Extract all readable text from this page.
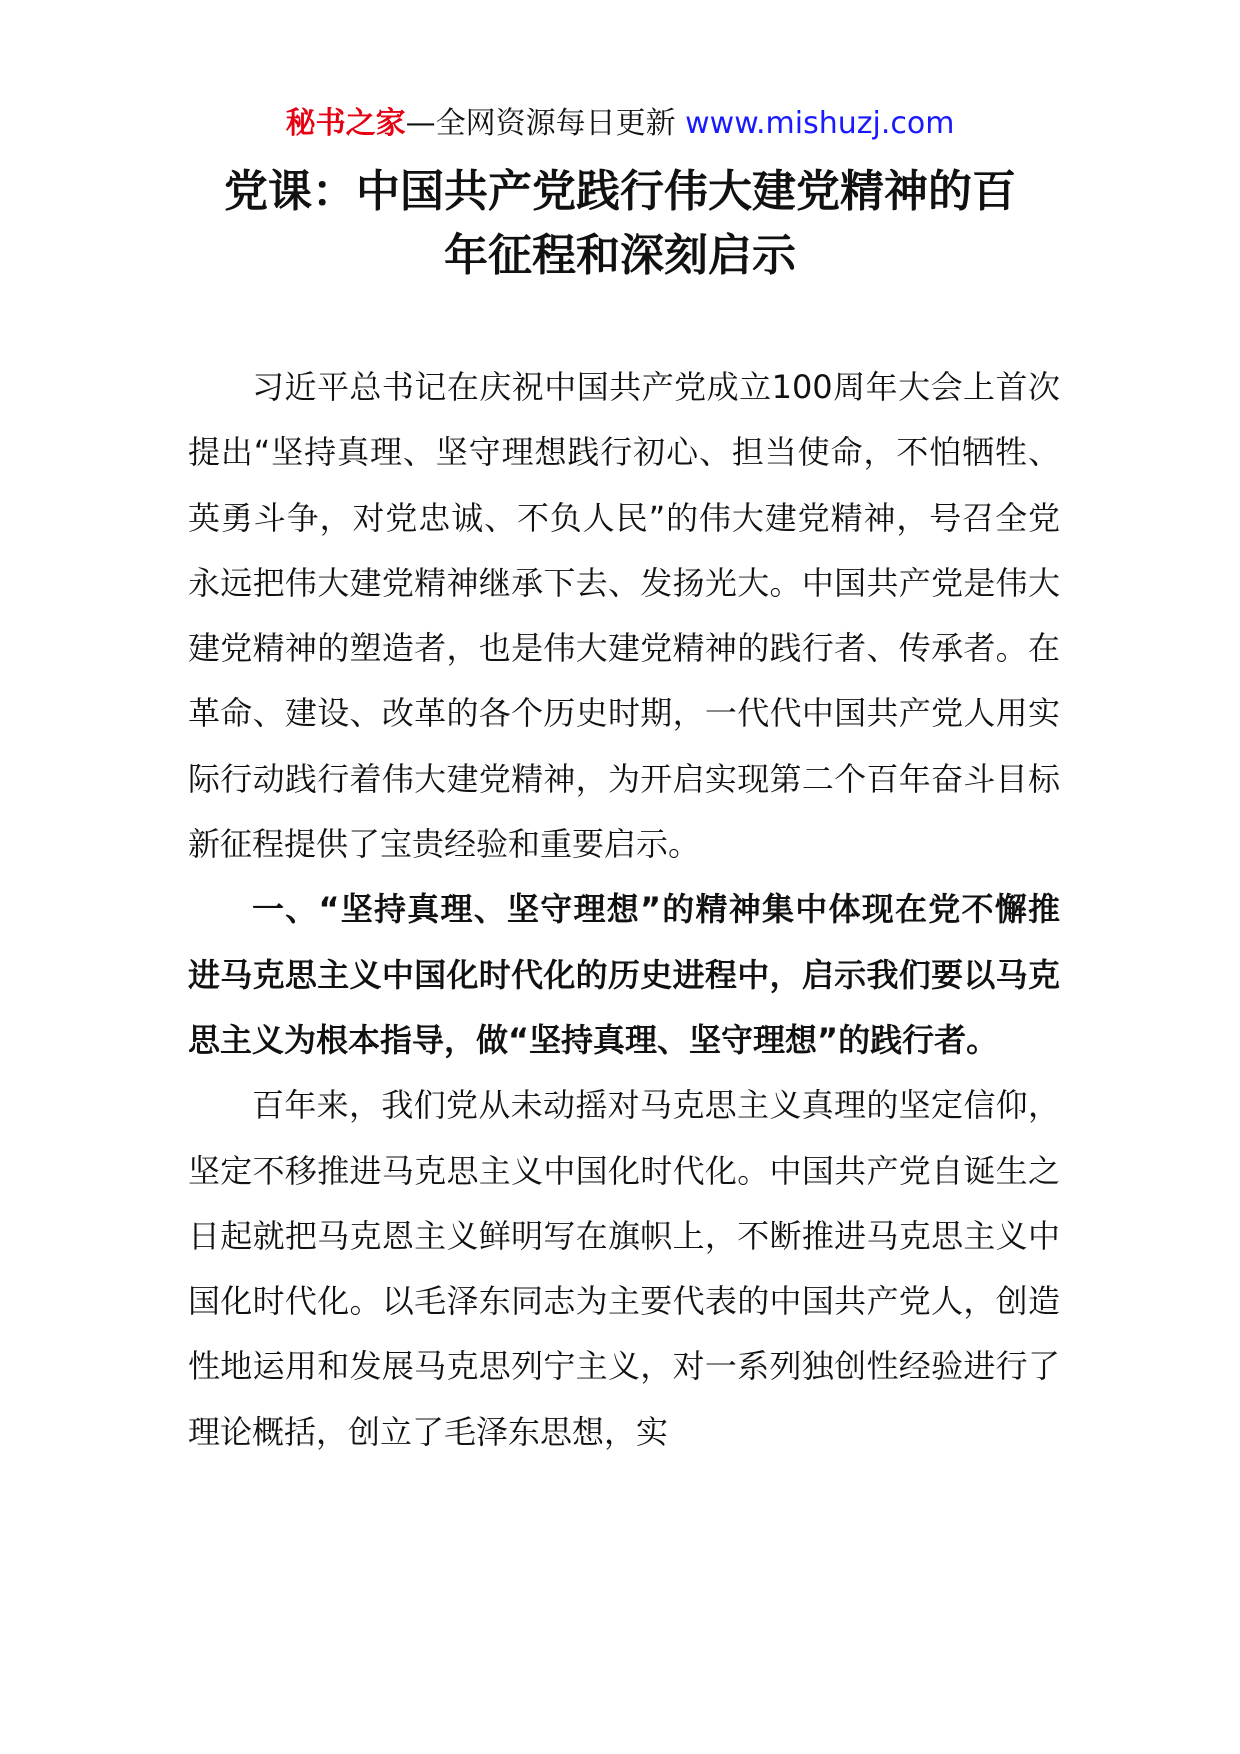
秘书之家—全网资源每日更新 www.mishuzj.com
党课：中国共产党践行伟大建党精神的百
年征程和深刻启示

习近平总书记在庆祝中国共产党成立100周年大会上首次提出“坚持真理、坚守理想践行初心、担当使命，不怕牺牲、英勇斗争，对党忠诚、不负人民”的伟大建党精神，号召全党永远把伟大建党精神继承下去、发扬光大。中国共产党是伟大建党精神的塑造者，也是伟大建党精神的践行者、传承者。在革命、建设、改革的各个历史时期，一代代中国共产党人用实际行动践行着伟大建党精神，为开启实现第二个百年奋斗目标新征程提供了宝贵经验和重要启示。

一、“坚持真理、坚守理想”的精神集中体现在党不懈推进马克思主义中国化时代化的历史进程中，启示我们要以马克思主义为根本指导，做“坚持真理、坚守理想”的践行者。

百年来，我们党从未动摇对马克思主义真理的坚定信仰，坚定不移推进马克思主义中国化时代化。中国共产党自诞生之日起就把马克恩主义鲜明写在旗帜上，不断推进马克思主义中国化时代化。以毛泽东同志为主要代表的中国共产党人，创造性地运用和发展马克思列宁主义，对一系列独创性经验进行了理论概括，创立了毛泽东思想，实
